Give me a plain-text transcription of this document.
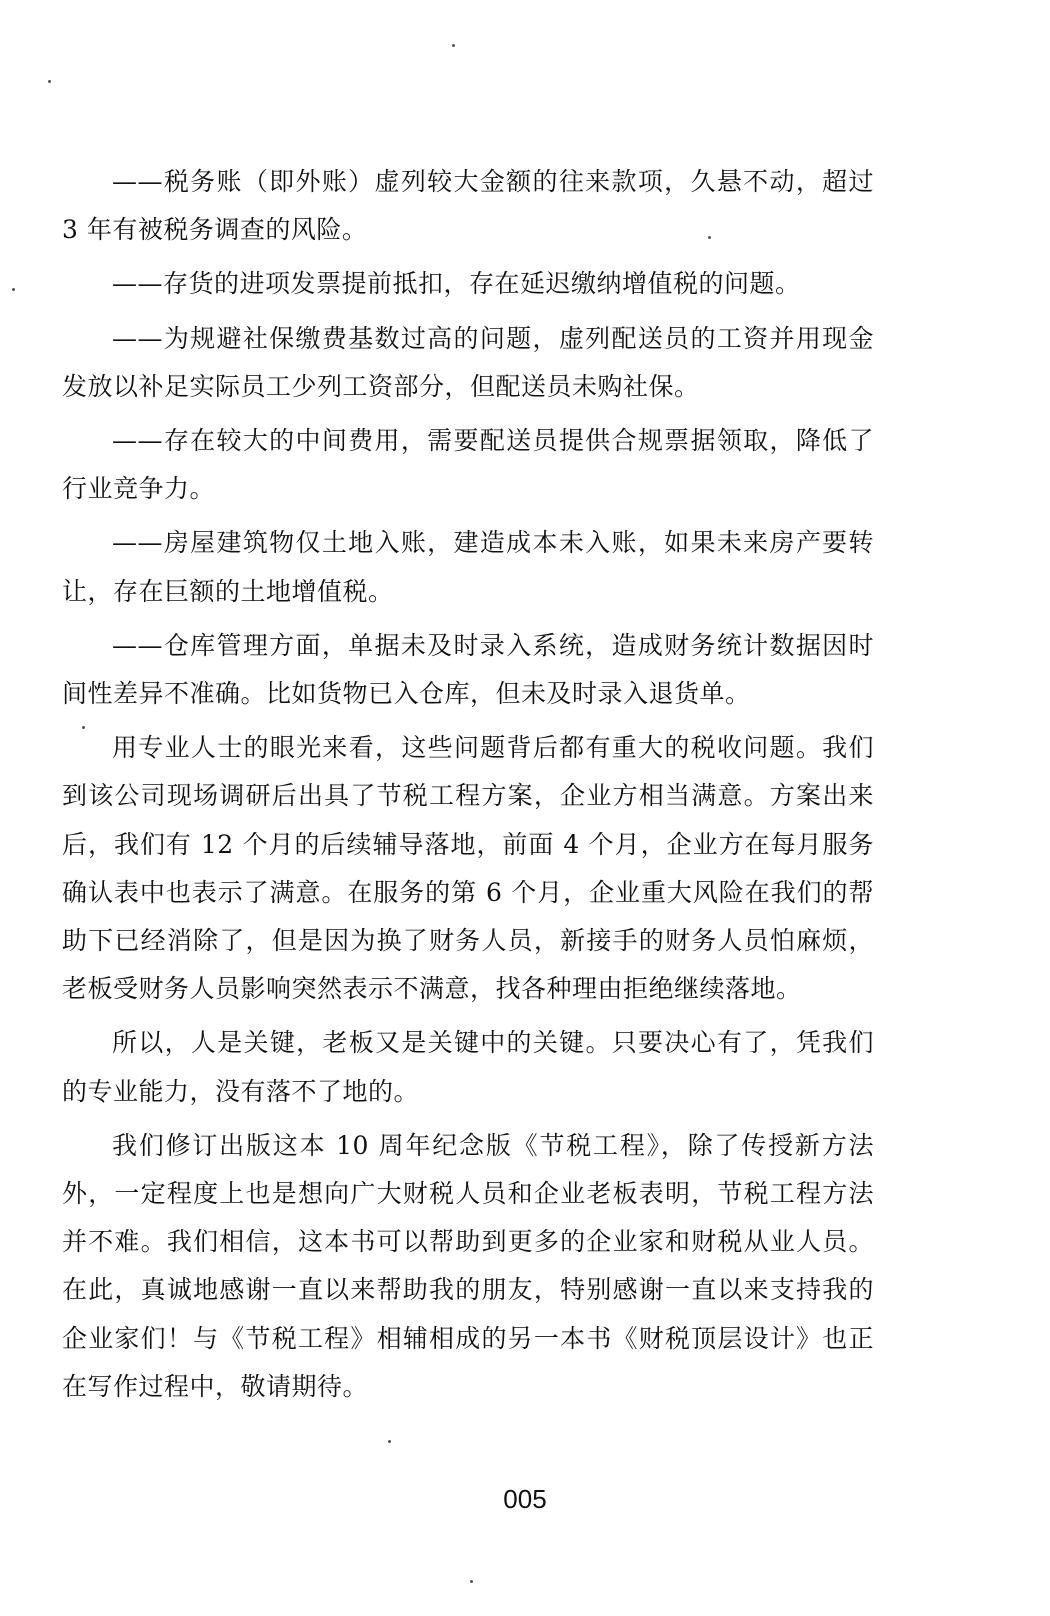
——税务账（即外账）虚列较大金额的往来款项，久悬不动，超过 3 年有被税务调查的风险。

——存货的进项发票提前抵扣，存在延迟缴纳增值税的问题。

——为规避社保缴费基数过高的问题，虚列配送员的工资并用现金发放以补足实际员工少列工资部分，但配送员未购社保。

——存在较大的中间费用，需要配送员提供合规票据领取，降低了行业竞争力。

——房屋建筑物仅土地入账，建造成本未入账，如果未来房产要转让，存在巨额的土地增值税。

——仓库管理方面，单据未及时录入系统，造成财务统计数据因时间性差异不准确。比如货物已入仓库，但未及时录入退货单。

用专业人士的眼光来看，这些问题背后都有重大的税收问题。我们到该公司现场调研后出具了节税工程方案，企业方相当满意。方案出来后，我们有 12 个月的后续辅导落地，前面 4 个月，企业方在每月服务确认表中也表示了满意。在服务的第 6 个月，企业重大风险在我们的帮助下已经消除了，但是因为换了财务人员，新接手的财务人员怕麻烦，老板受财务人员影响突然表示不满意，找各种理由拒绝继续落地。

所以，人是关键，老板又是关键中的关键。只要决心有了，凭我们的专业能力，没有落不了地的。

我们修订出版这本 10 周年纪念版《节税工程》，除了传授新方法外，一定程度上也是想向广大财税人员和企业老板表明，节税工程方法并不难。我们相信，这本书可以帮助到更多的企业家和财税从业人员。在此，真诚地感谢一直以来帮助我的朋友，特别感谢一直以来支持我的企业家们！与《节税工程》相辅相成的另一本书《财税顶层设计》也正在写作过程中，敬请期待。

005
